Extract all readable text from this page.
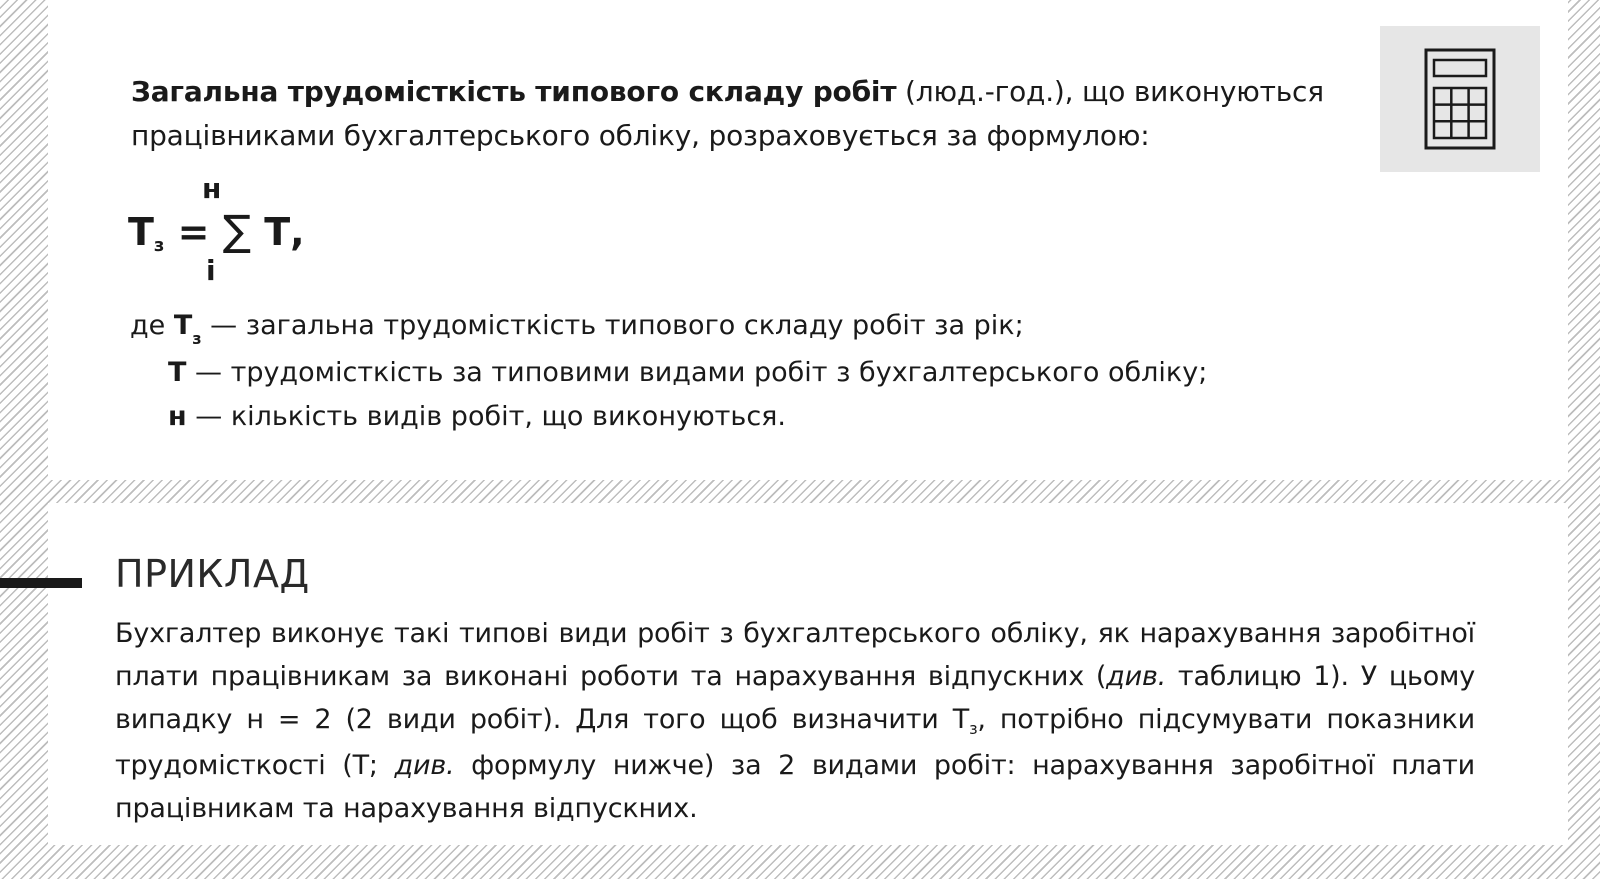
Загальна трудомісткість типового складу робіт (люд.-год.), що виконуються
працівниками бухгалтерського обліку, розраховується за формулою:
н
Тз = ∑ Т,
і
де $Т_з$ — загальна трудомісткість типового складу робіт за рік;
Т — трудомісткість за типовими видами робіт з бухгалтерського обліку;
н — кількість видів робіт, що виконуються.
ПРИКЛАД
Бухгалтер виконує такі типові види робіт з бухгалтерського обліку, як нарахування заробітної плати працівникам за виконані роботи та нарахування відпускних (див. таблицю 1). У цьому випадку н = 2 (2 види робіт). Для того щоб визначити $Т_з$, потрібно підсумувати показники трудомісткості (Т; див. формулу нижче) за 2 видами робіт: нарахування заробітної плати працівникам та нарахування відпускних.
